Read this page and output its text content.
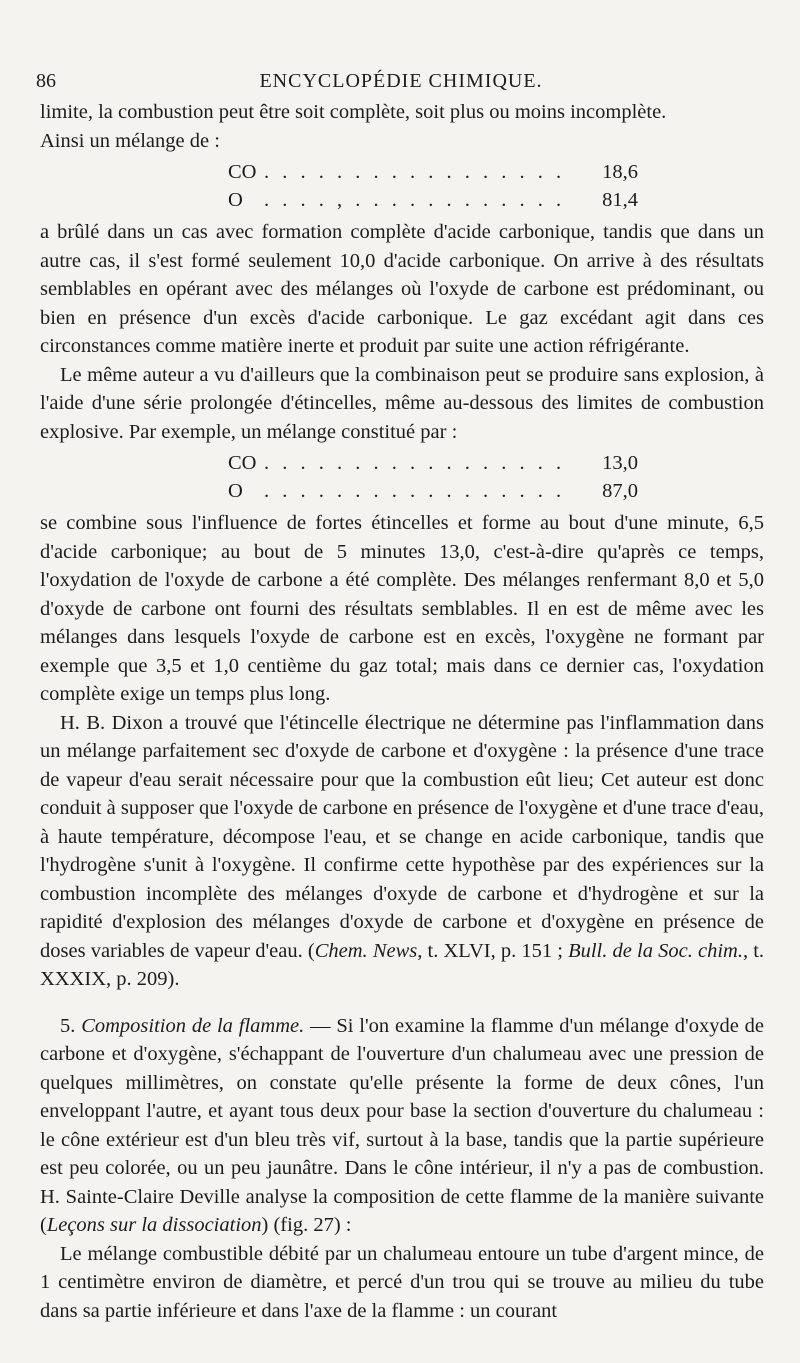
86	ENCYCLOPÉDIE CHIMIQUE.

limite, la combustion peut être soit complète, soit plus ou moins incomplète.

Ainsi un mélange de :

CO . . . . . . . . . . . . . . . . . 18,6
O . . . . , . . . . . . . . . . . . 81,4

a brûlé dans un cas avec formation complète d'acide carbonique, tandis que dans un autre cas, il s'est formé seulement 10,0 d'acide carbonique. On arrive à des résultats semblables en opérant avec des mélanges où l'oxyde de carbone est prédominant, ou bien en présence d'un excès d'acide carbonique. Le gaz excédant agit dans ces circonstances comme matière inerte et produit par suite une action réfrigérante.

Le même auteur a vu d'ailleurs que la combinaison peut se produire sans explosion, à l'aide d'une série prolongée d'étincelles, même au-dessous des limites de combustion explosive. Par exemple, un mélange constitué par :

CO . . . . . . . . . . . . . . . . . 13,0
O . . . . . . . . . . . . . . . . . 87,0

se combine sous l'influence de fortes étincelles et forme au bout d'une minute, 6,5 d'acide carbonique; au bout de 5 minutes 13,0, c'est-à-dire qu'après ce temps, l'oxydation de l'oxyde de carbone a été complète. Des mélanges renfermant 8,0 et 5,0 d'oxyde de carbone ont fourni des résultats semblables. Il en est de même avec les mélanges dans lesquels l'oxyde de carbone est en excès, l'oxygène ne formant par exemple que 3,5 et 1,0 centième du gaz total; mais dans ce dernier cas, l'oxydation complète exige un temps plus long.

H. B. Dixon a trouvé que l'étincelle électrique ne détermine pas l'inflammation dans un mélange parfaitement sec d'oxyde de carbone et d'oxygène : la présence d'une trace de vapeur d'eau serait nécessaire pour que la combustion eût lieu; Cet auteur est donc conduit à supposer que l'oxyde de carbone en présence de l'oxygène et d'une trace d'eau, à haute température, décompose l'eau, et se change en acide carbonique, tandis que l'hydrogène s'unit à l'oxygène. Il confirme cette hypothèse par des expériences sur la combustion incomplète des mélanges d'oxyde de carbone et d'hydrogène et sur la rapidité d'explosion des mélanges d'oxyde de carbone et d'oxygène en présence de doses variables de vapeur d'eau. (Chem. News, t. XLVI, p. 151 ; Bull. de la Soc. chim., t. XXXIX, p. 209).

5. Composition de la flamme. — Si l'on examine la flamme d'un mélange d'oxyde de carbone et d'oxygène, s'échappant de l'ouverture d'un chalumeau avec une pression de quelques millimètres, on constate qu'elle présente la forme de deux cônes, l'un enveloppant l'autre, et ayant tous deux pour base la section d'ouverture du chalumeau : le cône extérieur est d'un bleu très vif, surtout à la base, tandis que la partie supérieure est peu colorée, ou un peu jaunâtre. Dans le cône intérieur, il n'y a pas de combustion. H. Sainte-Claire Deville analyse la composition de cette flamme de la manière suivante (Leçons sur la dissociation) (fig. 27) :

Le mélange combustible débité par un chalumeau entoure un tube d'argent mince, de 1 centimètre environ de diamètre, et percé d'un trou qui se trouve au milieu du tube dans sa partie inférieure et dans l'axe de la flamme : un courant
